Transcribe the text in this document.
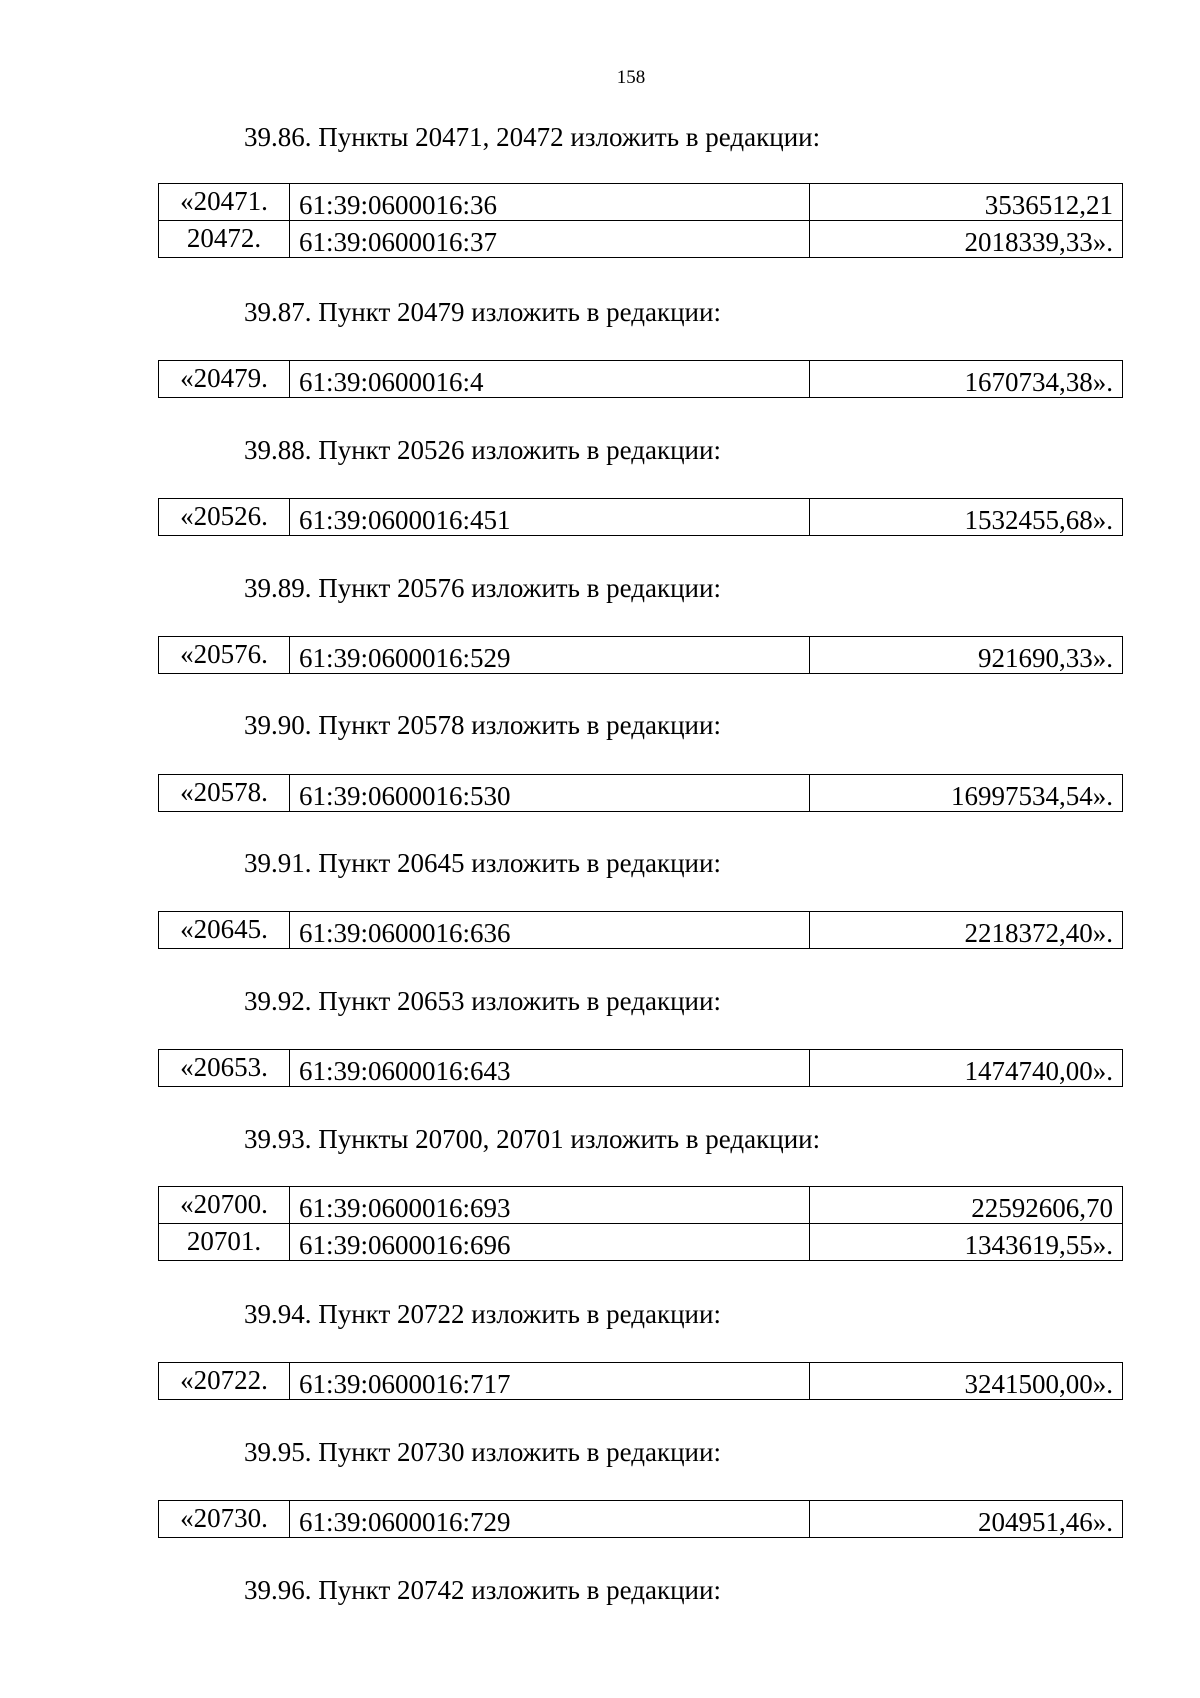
158
39.86. Пункты 20471, 20472 изложить в редакции:
«20471.	61:39:0600016:36	3536512,21
20472.	61:39:0600016:37	2018339,33».
39.87. Пункт 20479 изложить в редакции:
«20479.	61:39:0600016:4	1670734,38».
39.88. Пункт 20526 изложить в редакции:
«20526.	61:39:0600016:451	1532455,68».
39.89. Пункт 20576 изложить в редакции:
«20576.	61:39:0600016:529	921690,33».
39.90. Пункт 20578 изложить в редакции:
«20578.	61:39:0600016:530	16997534,54».
39.91. Пункт 20645 изложить в редакции:
«20645.	61:39:0600016:636	2218372,40».
39.92. Пункт 20653 изложить в редакции:
«20653.	61:39:0600016:643	1474740,00».
39.93. Пункты 20700, 20701 изложить в редакции:
«20700.	61:39:0600016:693	22592606,70
20701.	61:39:0600016:696	1343619,55».
39.94. Пункт 20722 изложить в редакции:
«20722.	61:39:0600016:717	3241500,00».
39.95. Пункт 20730 изложить в редакции:
«20730.	61:39:0600016:729	204951,46».
39.96. Пункт 20742 изложить в редакции:
